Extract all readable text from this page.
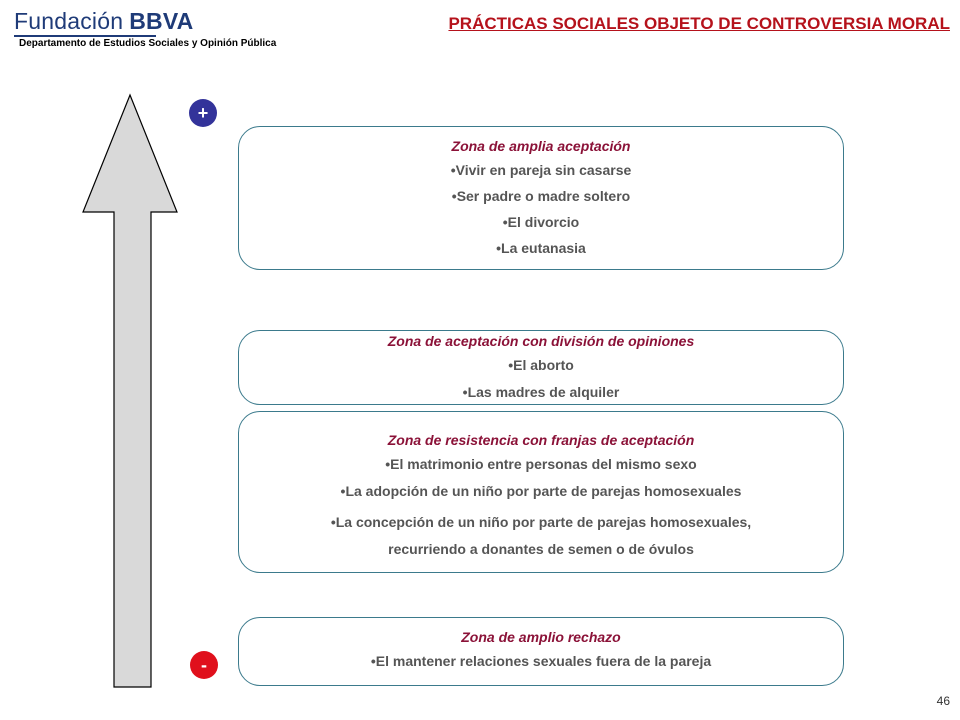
Fundación BBVA
Departamento de Estudios Sociales y Opinión Pública
PRÁCTICAS SOCIALES OBJETO DE CONTROVERSIA MORAL
+
-
Zona de amplia aceptación
• Vivir en pareja sin casarse
• Ser padre o madre soltero
• El divorcio
• La eutanasia
Zona de aceptación con división de opiniones
• El aborto
• Las madres de alquiler
Zona de resistencia con franjas de aceptación
• El matrimonio entre personas del mismo sexo
• La adopción de un niño por parte de parejas homosexuales
• La concepción de un niño por parte de parejas homosexuales, recurriendo a donantes de semen o de óvulos
Zona de amplio rechazo
• El mantener relaciones sexuales fuera de la pareja
46
